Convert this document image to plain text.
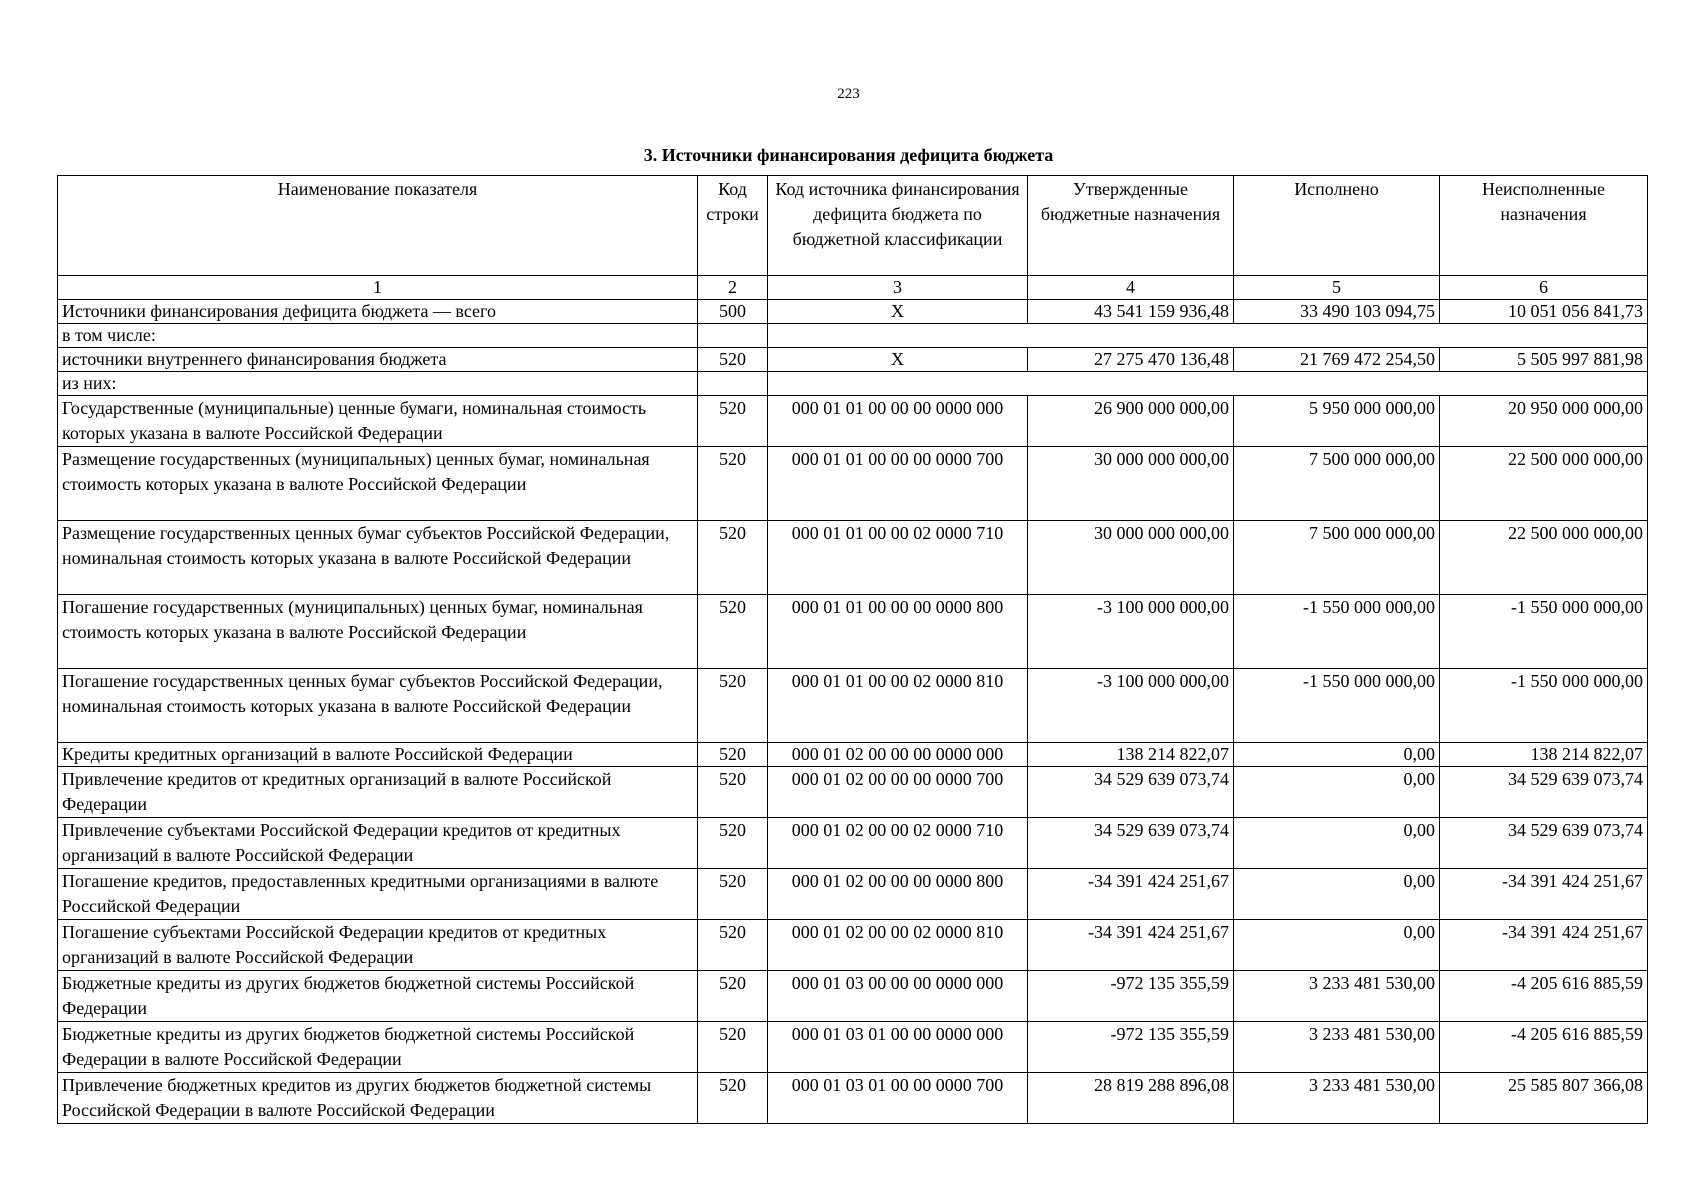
223
3. Источники финансирования дефицита бюджета
Наименование показателя	Код строки	Код источника финансирования дефицита бюджета по бюджетной классификации	Утвержденные бюджетные назначения	Исполнено	Неисполненные назначения
1	2	3	4	5	6
Источники финансирования дефицита бюджета — всего	500	X	43 541 159 936,48	33 490 103 094,75	10 051 056 841,73
в том числе:					
источники внутреннего финансирования бюджета	520	X	27 275 470 136,48	21 769 472 254,50	5 505 997 881,98
из них:					
Государственные (муниципальные) ценные бумаги, номинальная стоимость которых указана в валюте Российской Федерации	520	000 01 01 00 00 00 0000 000	26 900 000 000,00	5 950 000 000,00	20 950 000 000,00
Размещение государственных (муниципальных) ценных бумаг, номинальная стоимость которых указана в валюте Российской Федерации	520	000 01 01 00 00 00 0000 700	30 000 000 000,00	7 500 000 000,00	22 500 000 000,00
Размещение государственных ценных бумаг субъектов Российской Федерации, номинальная стоимость которых указана в валюте Российской Федерации	520	000 01 01 00 00 02 0000 710	30 000 000 000,00	7 500 000 000,00	22 500 000 000,00
Погашение государственных (муниципальных) ценных бумаг, номинальная стоимость которых указана в валюте Российской Федерации	520	000 01 01 00 00 00 0000 800	-3 100 000 000,00	-1 550 000 000,00	-1 550 000 000,00
Погашение государственных ценных бумаг субъектов Российской Федерации, номинальная стоимость которых указана в валюте Российской Федерации	520	000 01 01 00 00 02 0000 810	-3 100 000 000,00	-1 550 000 000,00	-1 550 000 000,00
Кредиты кредитных организаций в валюте Российской Федерации	520	000 01 02 00 00 00 0000 000	138 214 822,07	0,00	138 214 822,07
Привлечение кредитов от кредитных организаций в валюте Российской Федерации	520	000 01 02 00 00 00 0000 700	34 529 639 073,74	0,00	34 529 639 073,74
Привлечение субъектами Российской Федерации кредитов от кредитных организаций в валюте Российской Федерации	520	000 01 02 00 00 02 0000 710	34 529 639 073,74	0,00	34 529 639 073,74
Погашение кредитов, предоставленных кредитными организациями в валюте Российской Федерации	520	000 01 02 00 00 00 0000 800	-34 391 424 251,67	0,00	-34 391 424 251,67
Погашение субъектами Российской Федерации кредитов от кредитных организаций в валюте Российской Федерации	520	000 01 02 00 00 02 0000 810	-34 391 424 251,67	0,00	-34 391 424 251,67
Бюджетные кредиты из других бюджетов бюджетной системы Российской Федерации	520	000 01 03 00 00 00 0000 000	-972 135 355,59	3 233 481 530,00	-4 205 616 885,59
Бюджетные кредиты из других бюджетов бюджетной системы Российской Федерации в валюте Российской Федерации	520	000 01 03 01 00 00 0000 000	-972 135 355,59	3 233 481 530,00	-4 205 616 885,59
Привлечение бюджетных кредитов из других бюджетов бюджетной системы Российской Федерации в валюте Российской Федерации	520	000 01 03 01 00 00 0000 700	28 819 288 896,08	3 233 481 530,00	25 585 807 366,08
